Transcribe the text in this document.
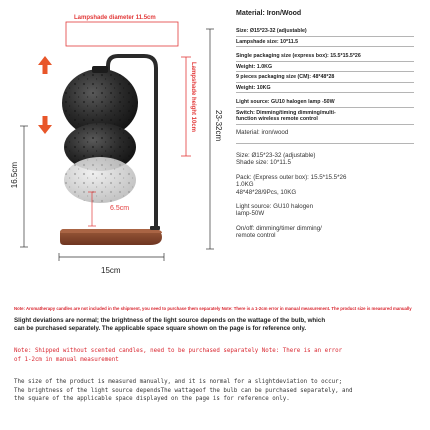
Lampshade diameter 11.5cm
Lampshade height 10cm 23-32cm
16.5cm
6.5cm
15cm
Material: Iron/Wood
Size: Ø15*23-32 (adjustable)
Lampshade size: 10*11.5
Single packaging size (express box): 15.5*15.5*26
Weight: 1.0KG
9 pieces packaging size (CM): 48*48*28
Weight: 10KG
Light source: GU10 halogen lamp -50W
Switch: Dimming/timing dimming/multi-
function wireless remote control
Material: iron/wood
Size: Ø15*23-32 (adjustable)
Shade size: 10*11.5
Pack: (Express outer box): 15.5*15.5*26
1.0KG
48*48*28/9Pcs, 10KG
Light source: GU10 halogen
lamp-50W
On/off: dimming/timer dimming/
remote control
Note: Aromatherapy candles are not included in the shipment, you need to purchase them separately Note: There is a 1-2cm error in manual measurement. The product size is measured manually
Slight deviations are normal; the brightness of the light source depends on the wattage of the bulb, which
can be purchased separately. The applicable space square shown on the page is for reference only.
Note: Shipped without scented candles, need to be purchased separately Note: There is an error
of 1-2cm in manual measurement
The size of the product is measured manually, and it is normal for a slightdeviation to occur;
The brightness of the light source dependsThe wattageof the bulb can be purchased separately, and
the square of the applicable space displayed on the page is for reference only.
